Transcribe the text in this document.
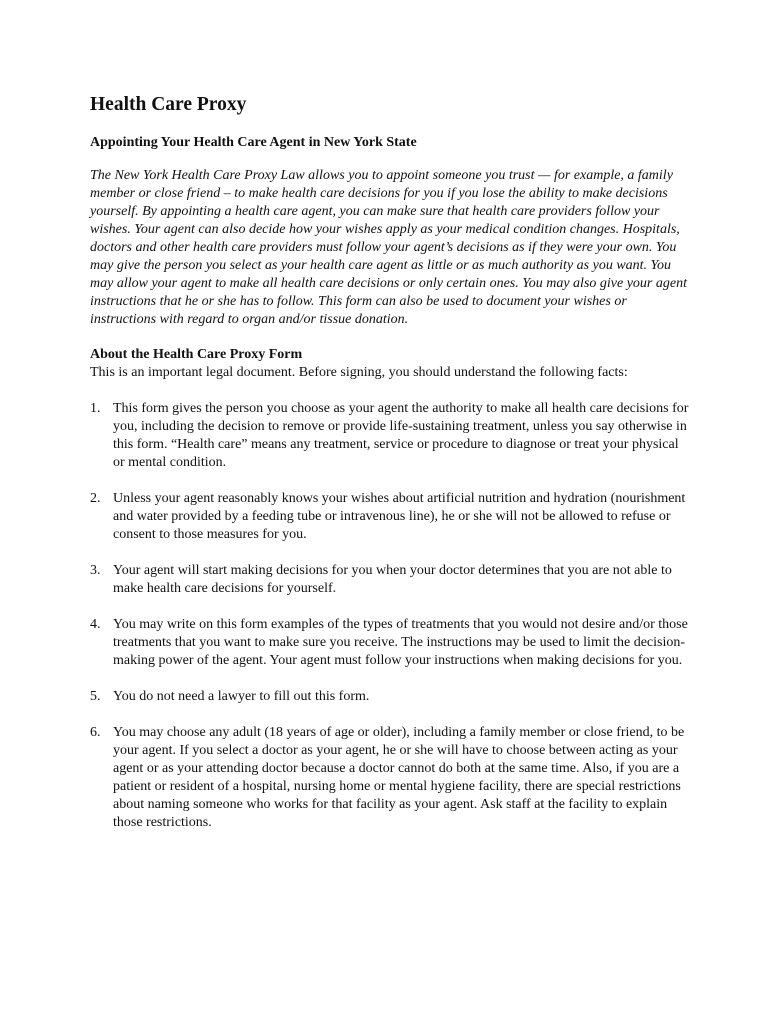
Health Care Proxy
Appointing Your Health Care Agent in New York State

The New York Health Care Proxy Law allows you to appoint someone you trust — for example, a family member or close friend – to make health care decisions for you if you lose the ability to make decisions yourself. By appointing a health care agent, you can make sure that health care providers follow your wishes. Your agent can also decide how your wishes apply as your medical condition changes. Hospitals, doctors and other health care providers must follow your agent’s decisions as if they were your own. You may give the person you select as your health care agent as little or as much authority as you want. You may allow your agent to make all health care decisions or only certain ones. You may also give your agent instructions that he or she has to follow. This form can also be used to document your wishes or instructions with regard to organ and/or tissue donation.

About the Health Care Proxy Form

This is an important legal document. Before signing, you should understand the following facts:

1. This form gives the person you choose as your agent the authority to make all health care decisions for you, including the decision to remove or provide life-sustaining treatment, unless you say otherwise in this form. “Health care” means any treatment, service or procedure to diagnose or treat your physical or mental condition.
2. Unless your agent reasonably knows your wishes about artificial nutrition and hydration (nourishment and water provided by a feeding tube or intravenous line), he or she will not be allowed to refuse or consent to those measures for you.
3. Your agent will start making decisions for you when your doctor determines that you are not able to make health care decisions for yourself.
4. You may write on this form examples of the types of treatments that you would not desire and/or those treatments that you want to make sure you receive. The instructions may be used to limit the decision-making power of the agent. Your agent must follow your instructions when making decisions for you.
5. You do not need a lawyer to fill out this form.
6. You may choose any adult (18 years of age or older), including a family member or close friend, to be your agent. If you select a doctor as your agent, he or she will have to choose between acting as your agent or as your attending doctor because a doctor cannot do both at the same time. Also, if you are a patient or resident of a hospital, nursing home or mental hygiene facility, there are special restrictions about naming someone who works for that facility as your agent. Ask staff at the facility to explain those restrictions.
